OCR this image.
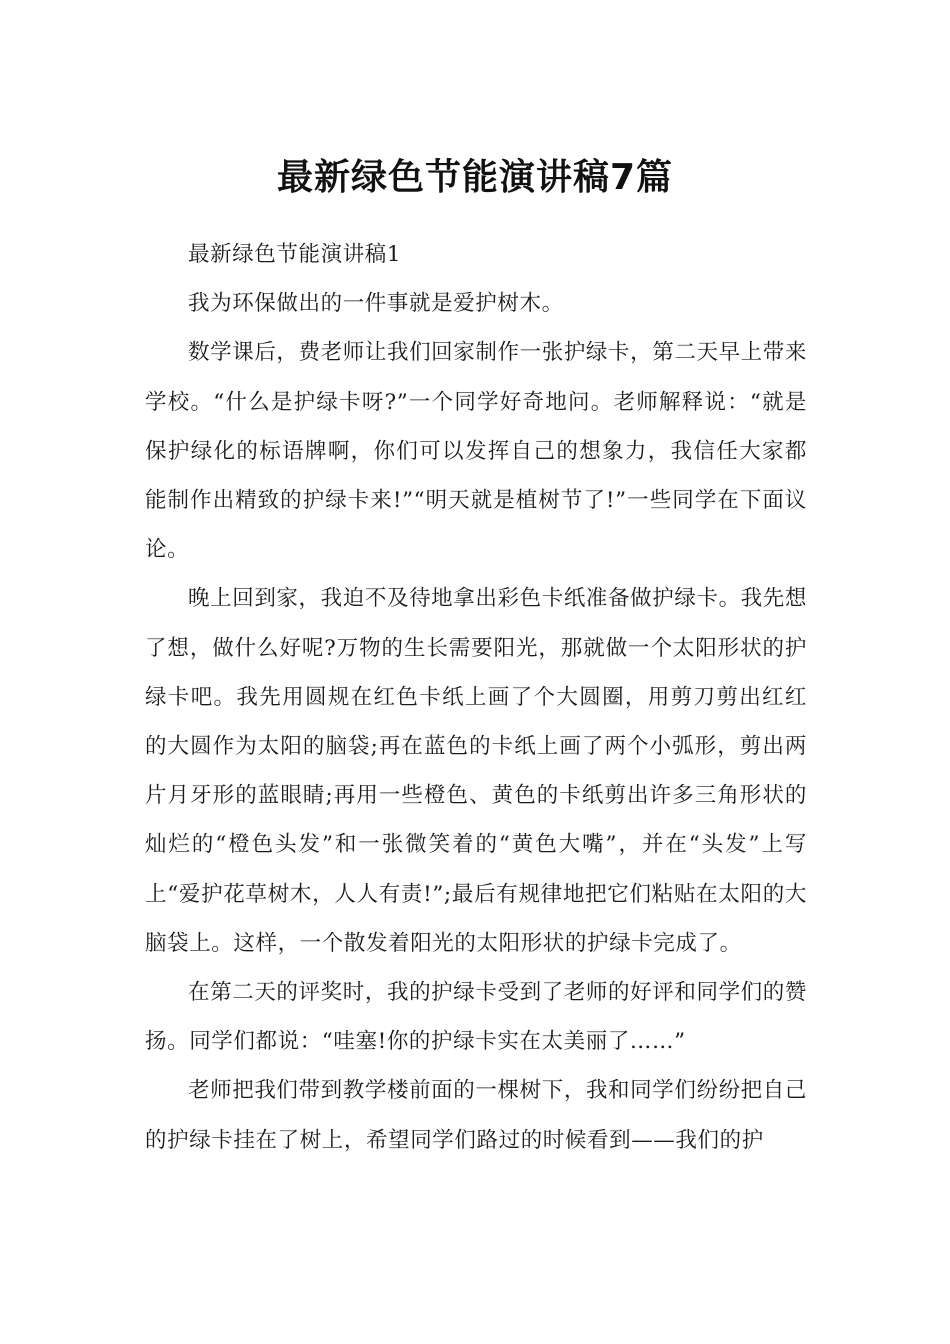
最新绿色节能演讲稿7篇

最新绿色节能演讲稿1

我为环保做出的一件事就是爱护树木。

数学课后，费老师让我们回家制作一张护绿卡，第二天早上带来学校。“什么是护绿卡呀?”一个同学好奇地问。老师解释说：“就是保护绿化的标语牌啊，你们可以发挥自己的想象力，我信任大家都能制作出精致的护绿卡来!”“明天就是植树节了!”一些同学在下面议论。

晚上回到家，我迫不及待地拿出彩色卡纸准备做护绿卡。我先想了想，做什么好呢?万物的生长需要阳光，那就做一个太阳形状的护绿卡吧。我先用圆规在红色卡纸上画了个大圆圈，用剪刀剪出红红的大圆作为太阳的脑袋;再在蓝色的卡纸上画了两个小弧形，剪出两片月牙形的蓝眼睛;再用一些橙色、黄色的卡纸剪出许多三角形状的灿烂的“橙色头发”和一张微笑着的“黄色大嘴”，并在“头发”上写上“爱护花草树木，人人有责!”;最后有规律地把它们粘贴在太阳的大脑袋上。这样，一个散发着阳光的太阳形状的护绿卡完成了。

在第二天的评奖时，我的护绿卡受到了老师的好评和同学们的赞扬。同学们都说：“哇塞!你的护绿卡实在太美丽了……”

老师把我们带到教学楼前面的一棵树下，我和同学们纷纷把自己的护绿卡挂在了树上，希望同学们路过的时候看到——我们的护
